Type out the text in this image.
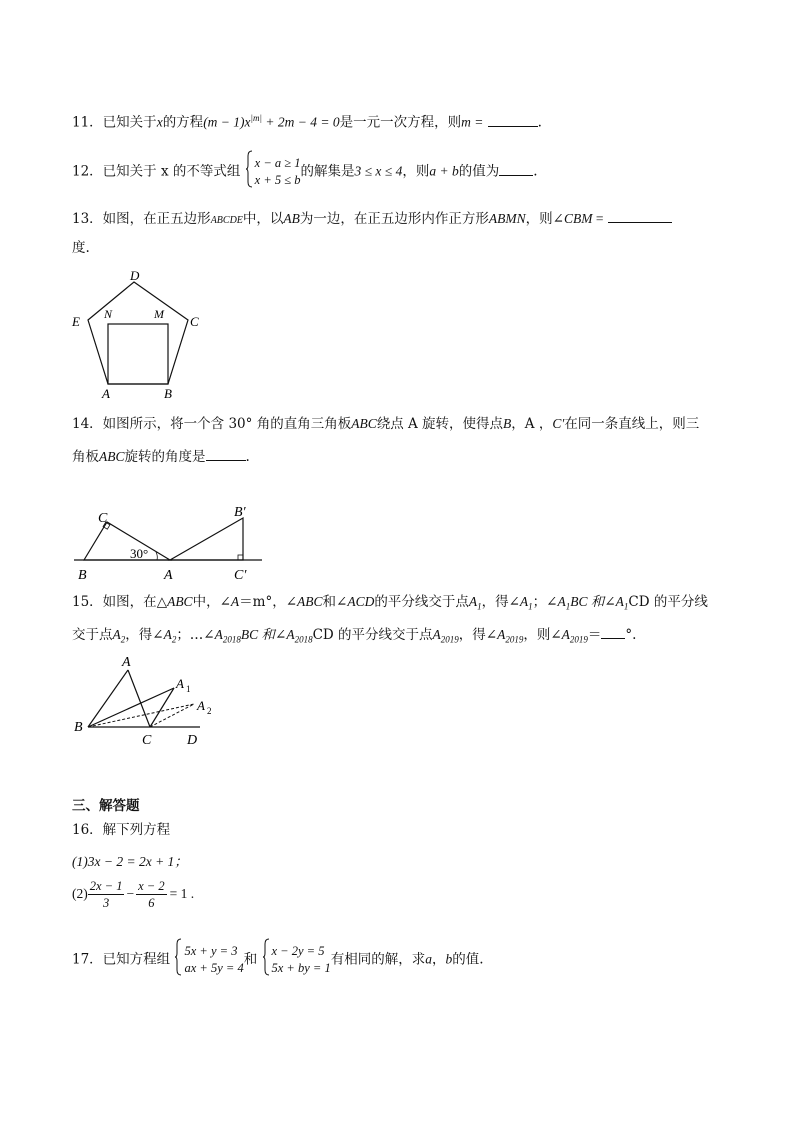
11．已知关于x的方程$(m - 1)x^{|m|} + 2m - 4 = 0$是一元一次方程，则m =	.
12．已知关于 x 的不等式组
x − a ≥ 1
x + 5 ≤ b
的解集是3 ≤ x ≤ 4，则a + b的值为	.
13．如图，在正五边形ABCDE中，以AB为一边，在正五边形内作正方形ABMN，则∠CBM =
度.
D
E	C
N	M
A	B
14．如图所示，将一个含 30° 角的直角三角板ABC绕点 A 旋转，使得点B，A ，C′在同一条直线上，则三
角板ABC旋转的角度是	.
C
B	A
B′
C′
30°
15．如图，在△ABC中，∠A＝m°，∠ABC和∠ACD的平分线交于点$A_1$，得$\angle A_1$；$\angle A_1BC$ 和$\angle A_1CD$ 的平分线
交于点$A_2$，得$\angle A_2$；$\dots\angle A_{2018}BC$ 和$\angle A_{2018}CD$ 的平分线交于点$A_{2019}$，得$\angle A_{2019}$，则$\angle A_{2019}=$ °.
A
A 1
A 2
B
C	D
三、解答题
16．解下列方程
(1)3x − 2 = 2x + 1；
$(2) \frac{2x - 1}{3} - \frac{x - 2}{6} = 1$ .
17．已知方程组
5x + y = 3
ax + 5y = 4
和
x − 2y = 5
5x + by = 1
有相同的解，求a，b的值.
